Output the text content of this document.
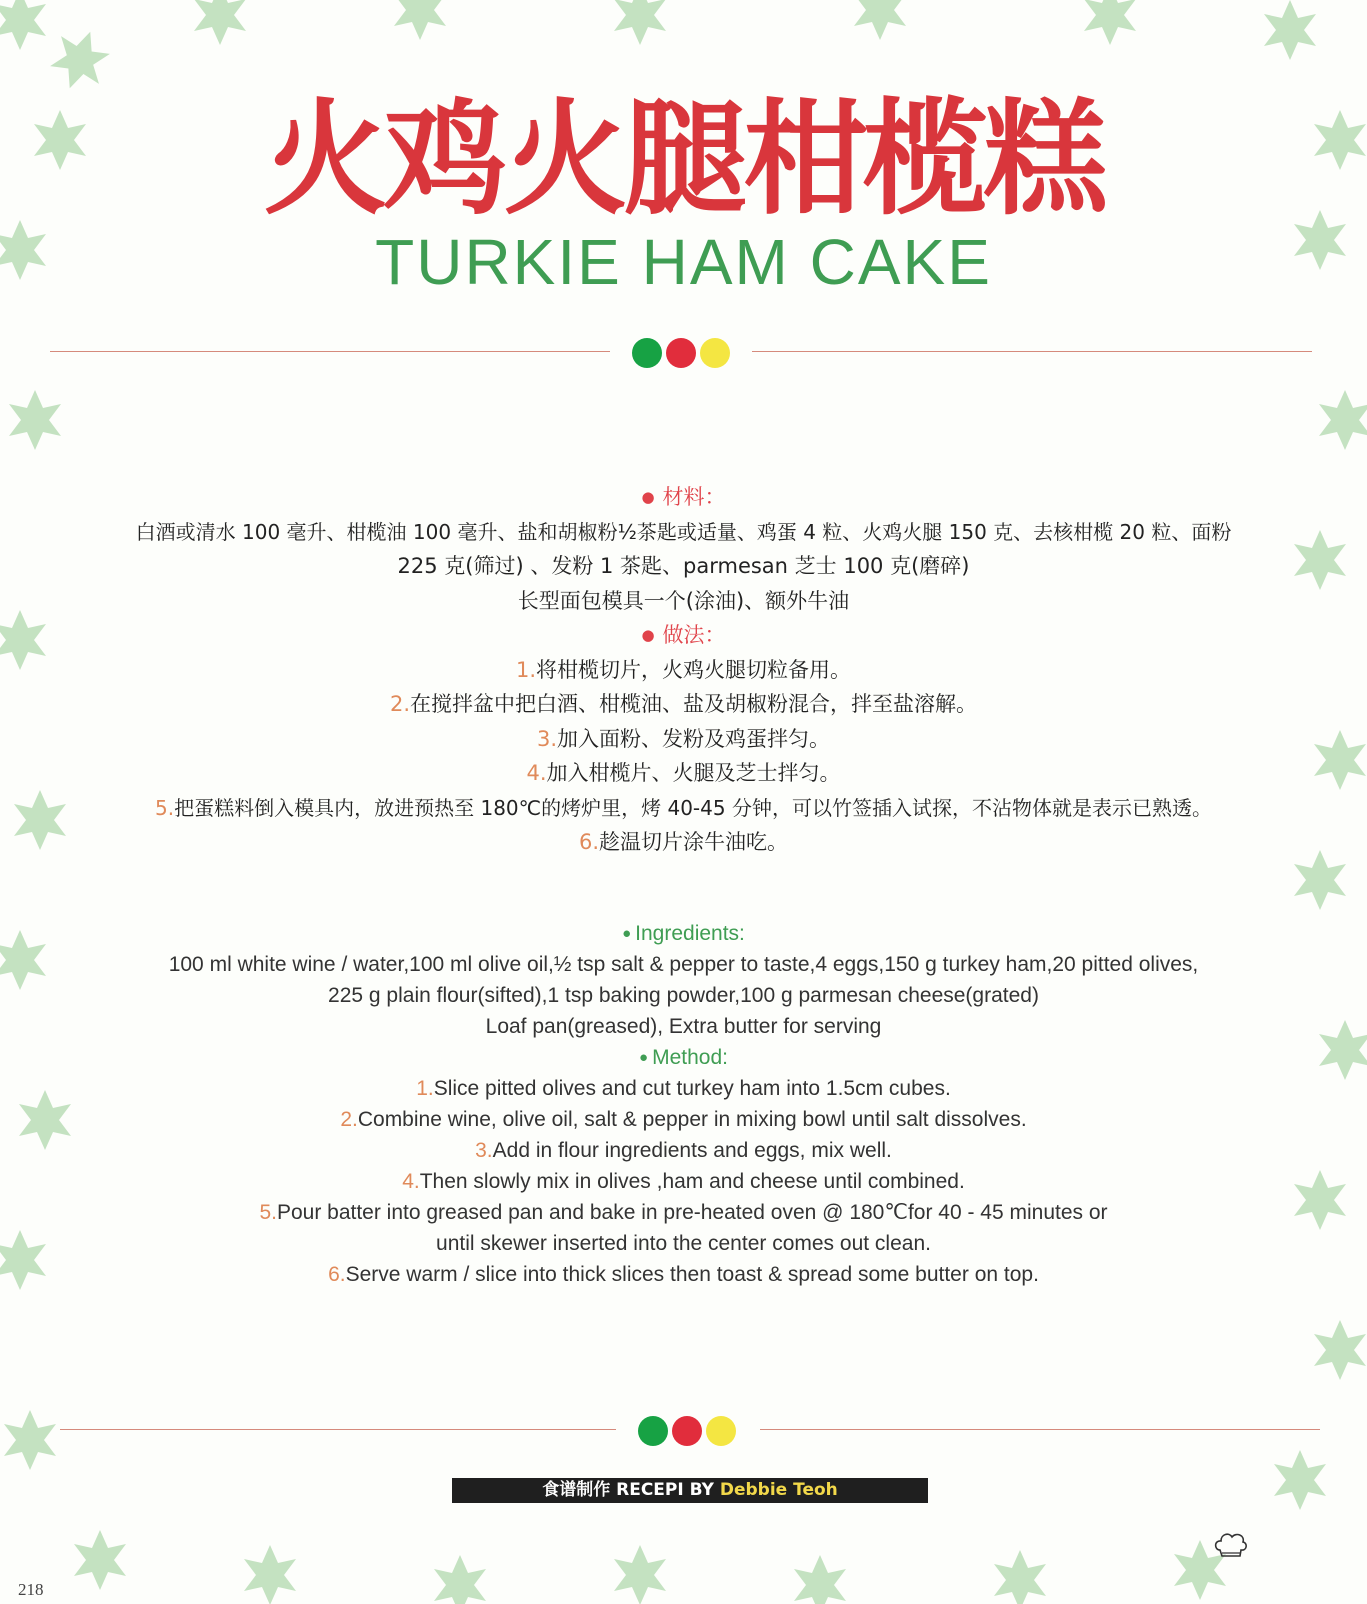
火鸡火腿柑榄糕
TURKIE HAM CAKE
● 材料：
白酒或清水 100 毫升、柑榄油 100 毫升、盐和胡椒粉½茶匙或适量、鸡蛋 4 粒、火鸡火腿 150 克、去核柑榄 20 粒、面粉
225 克(筛过) 、发粉 1 茶匙、parmesan 芝士 100 克(磨碎)
长型面包模具一个(涂油)、额外牛油
● 做法：
1.将柑榄切片，火鸡火腿切粒备用。
2.在搅拌盆中把白酒、柑榄油、盐及胡椒粉混合，拌至盐溶解。
3.加入面粉、发粉及鸡蛋拌匀。
4.加入柑榄片、火腿及芝士拌匀。
5.把蛋糕料倒入模具内，放进预热至 180℃的烤炉里，烤 40-45 分钟，可以竹签插入试探，不沾物体就是表示已熟透。
6.趁温切片涂牛油吃。
● Ingredients:
100 ml white wine / water,100 ml olive oil,½ tsp salt & pepper to taste,4 eggs,150 g turkey ham,20 pitted olives,
225 g plain flour(sifted),1 tsp baking powder,100 g parmesan cheese(grated)
Loaf pan(greased), Extra butter for serving
● Method:
1.Slice pitted olives and cut turkey ham into 1.5cm cubes.
2.Combine wine, olive oil, salt & pepper in mixing bowl until salt dissolves.
3.Add in flour ingredients and eggs, mix well.
4.Then slowly mix in olives ,ham and cheese until combined.
5.Pour batter into greased pan and bake in pre-heated oven @ 180℃for 40 - 45 minutes or
until skewer inserted into the center comes out clean.
6.Serve warm / slice into thick slices then toast & spread some butter on top.
食谱制作 RECEPI BY Debbie Teoh
218
